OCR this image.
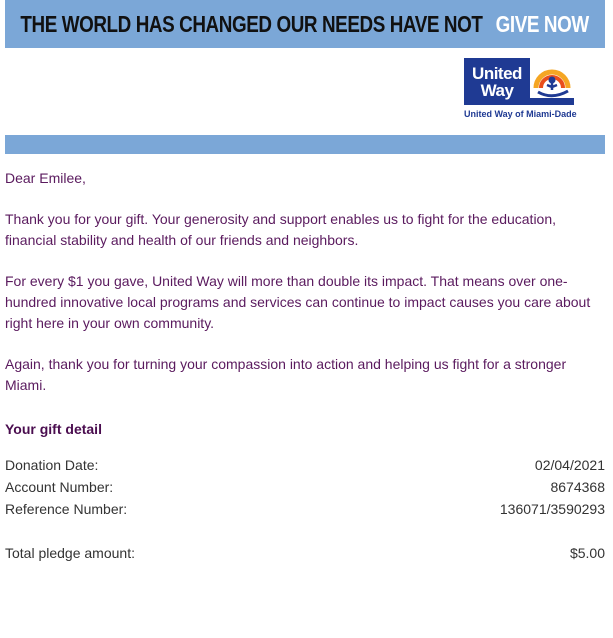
THE WORLD HAS CHANGED OUR NEEDS HAVE NOT GIVE NOW
United
Way
United Way of Miami-Dade

Dear Emilee,

Thank you for your gift. Your generosity and support enables us to fight for the education, financial stability and health of our friends and neighbors.

For every $1 you gave, United Way will more than double its impact. That means over one-hundred innovative local programs and services can continue to impact causes you care about right here in your own community.

Again, thank you for turning your compassion into action and helping us fight for a stronger Miami.

Your gift detail
Donation Date:	02/04/2021
Account Number:	8674368
Reference Number:	136071/3590293
Total pledge amount:	$5.00
